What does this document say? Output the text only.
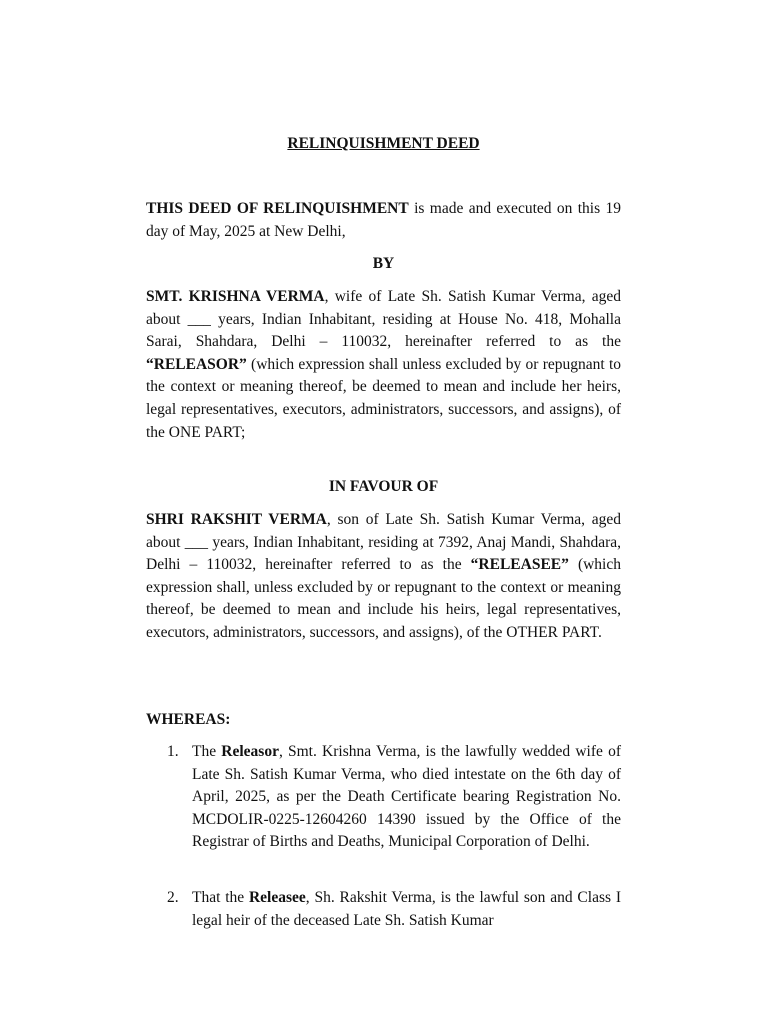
RELINQUISHMENT DEED
THIS DEED OF RELINQUISHMENT is made and executed on this 19 day of May, 2025 at New Delhi,
BY
SMT. KRISHNA VERMA, wife of Late Sh. Satish Kumar Verma, aged about ___ years, Indian Inhabitant, residing at House No. 418, Mohalla Sarai, Shahdara, Delhi – 110032, hereinafter referred to as the “RELEASOR” (which expression shall unless excluded by or repugnant to the context or meaning thereof, be deemed to mean and include her heirs, legal representatives, executors, administrators, successors, and assigns), of the ONE PART;
IN FAVOUR OF
SHRI RAKSHIT VERMA, son of Late Sh. Satish Kumar Verma, aged about ___ years, Indian Inhabitant, residing at 7392, Anaj Mandi, Shahdara, Delhi – 110032, hereinafter referred to as the “RELEASEE” (which expression shall, unless excluded by or repugnant to the context or meaning thereof, be deemed to mean and include his heirs, legal representatives, executors, administrators, successors, and assigns), of the OTHER PART.
WHEREAS:
1. The Releasor, Smt. Krishna Verma, is the lawfully wedded wife of Late Sh. Satish Kumar Verma, who died intestate on the 6th day of April, 2025, as per the Death Certificate bearing Registration No. MCDOLIR-0225-12604260 14390 issued by the Office of the Registrar of Births and Deaths, Municipal Corporation of Delhi.
2. That the Releasee, Sh. Rakshit Verma, is the lawful son and Class I legal heir of the deceased Late Sh. Satish Kumar
